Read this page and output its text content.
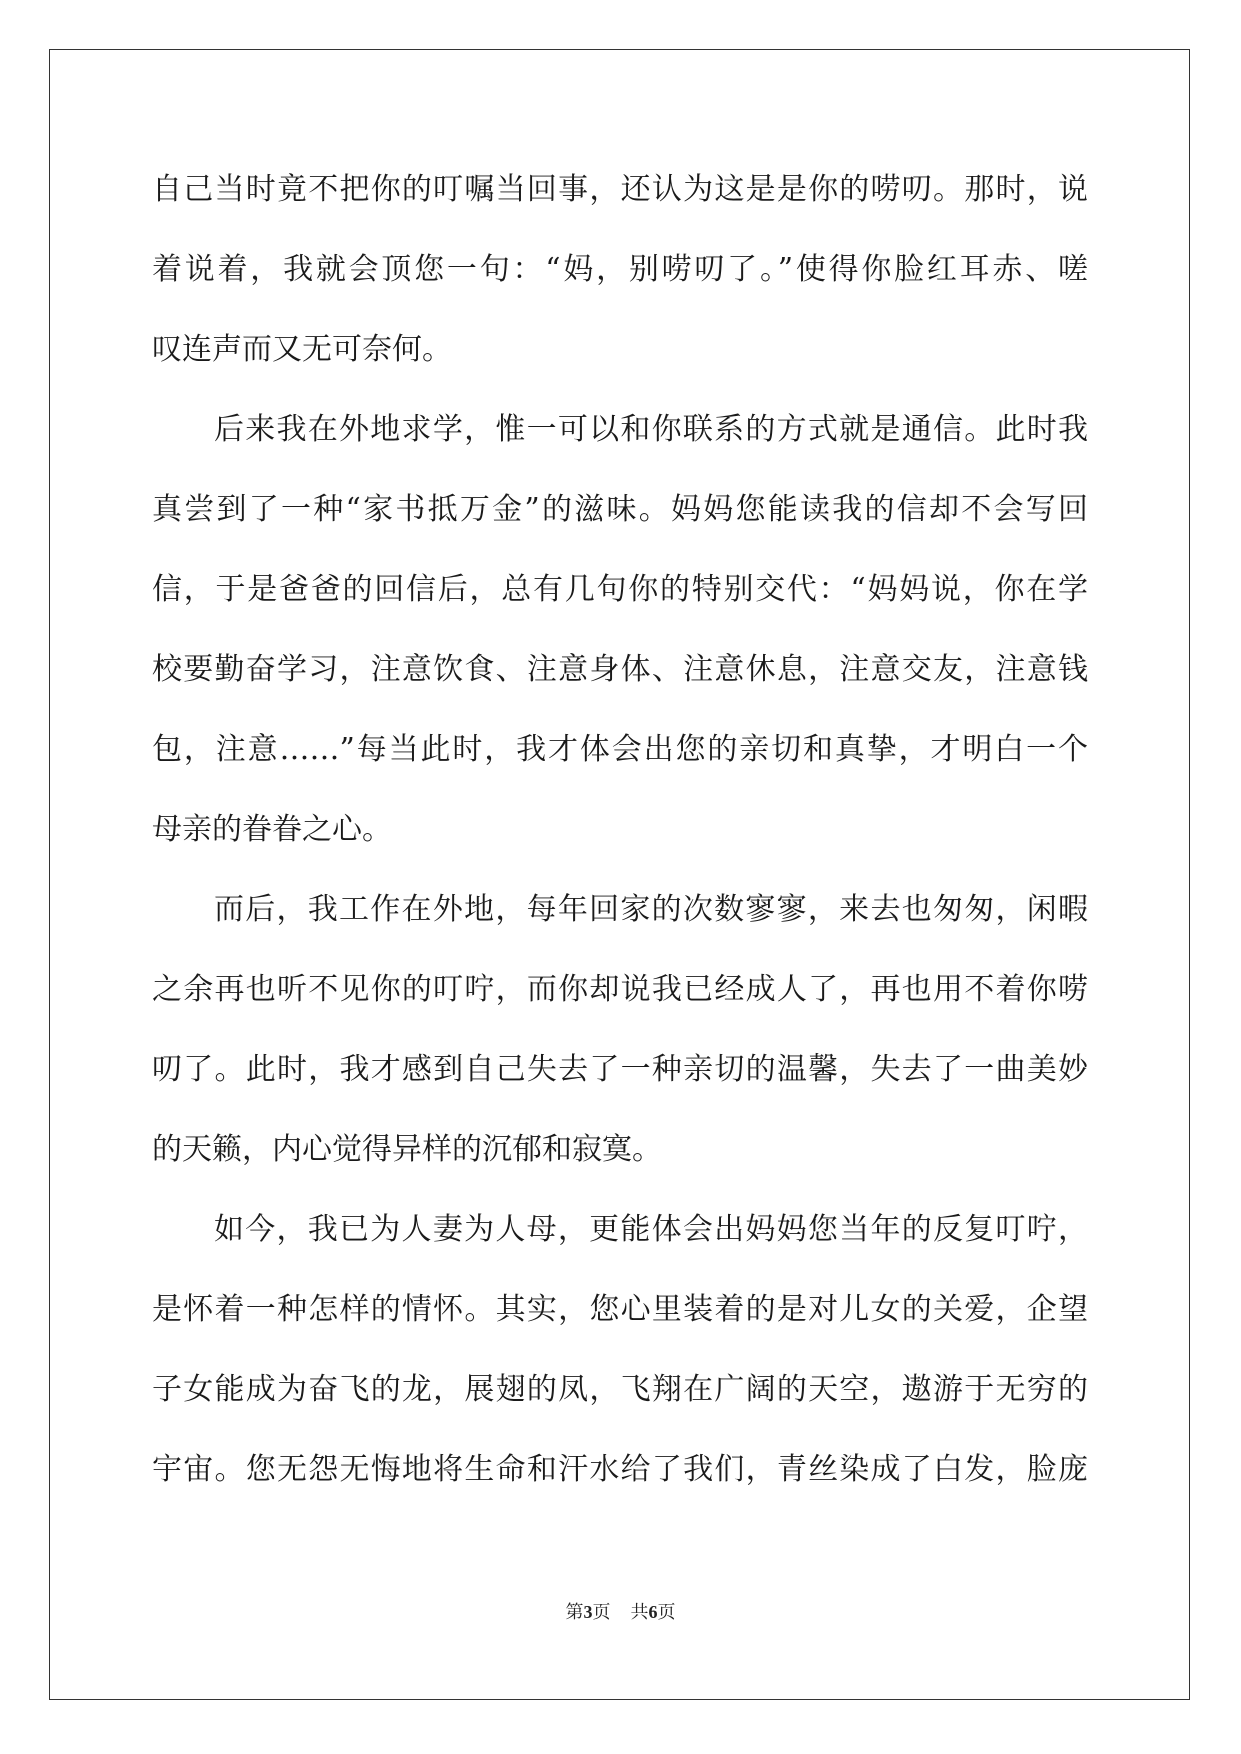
自己当时竟不把你的叮嘱当回事，还认为这是是你的唠叨。那时，说
着说着，我就会顶您一句：“妈，别唠叨了。”使得你脸红耳赤、嗟
叹连声而又无可奈何。
后来我在外地求学，惟一可以和你联系的方式就是通信。此时我
真尝到了一种“家书抵万金”的滋味。妈妈您能读我的信却不会写回
信，于是爸爸的回信后，总有几句你的特别交代：“妈妈说，你在学
校要勤奋学习，注意饮食、注意身体、注意休息，注意交友，注意钱
包，注意……”每当此时，我才体会出您的亲切和真挚，才明白一个
母亲的眷眷之心。
而后，我工作在外地，每年回家的次数寥寥，来去也匆匆，闲暇
之余再也听不见你的叮咛，而你却说我已经成人了，再也用不着你唠
叨了。此时，我才感到自己失去了一种亲切的温馨，失去了一曲美妙
的天籁，内心觉得异样的沉郁和寂寞。
如今，我已为人妻为人母，更能体会出妈妈您当年的反复叮咛，
是怀着一种怎样的情怀。其实，您心里装着的是对儿女的关爱，企望
子女能成为奋飞的龙，展翅的凤，飞翔在广阔的天空，遨游于无穷的
宇宙。您无怨无悔地将生命和汗水给了我们，青丝染成了白发，脸庞
第3页 共6页
